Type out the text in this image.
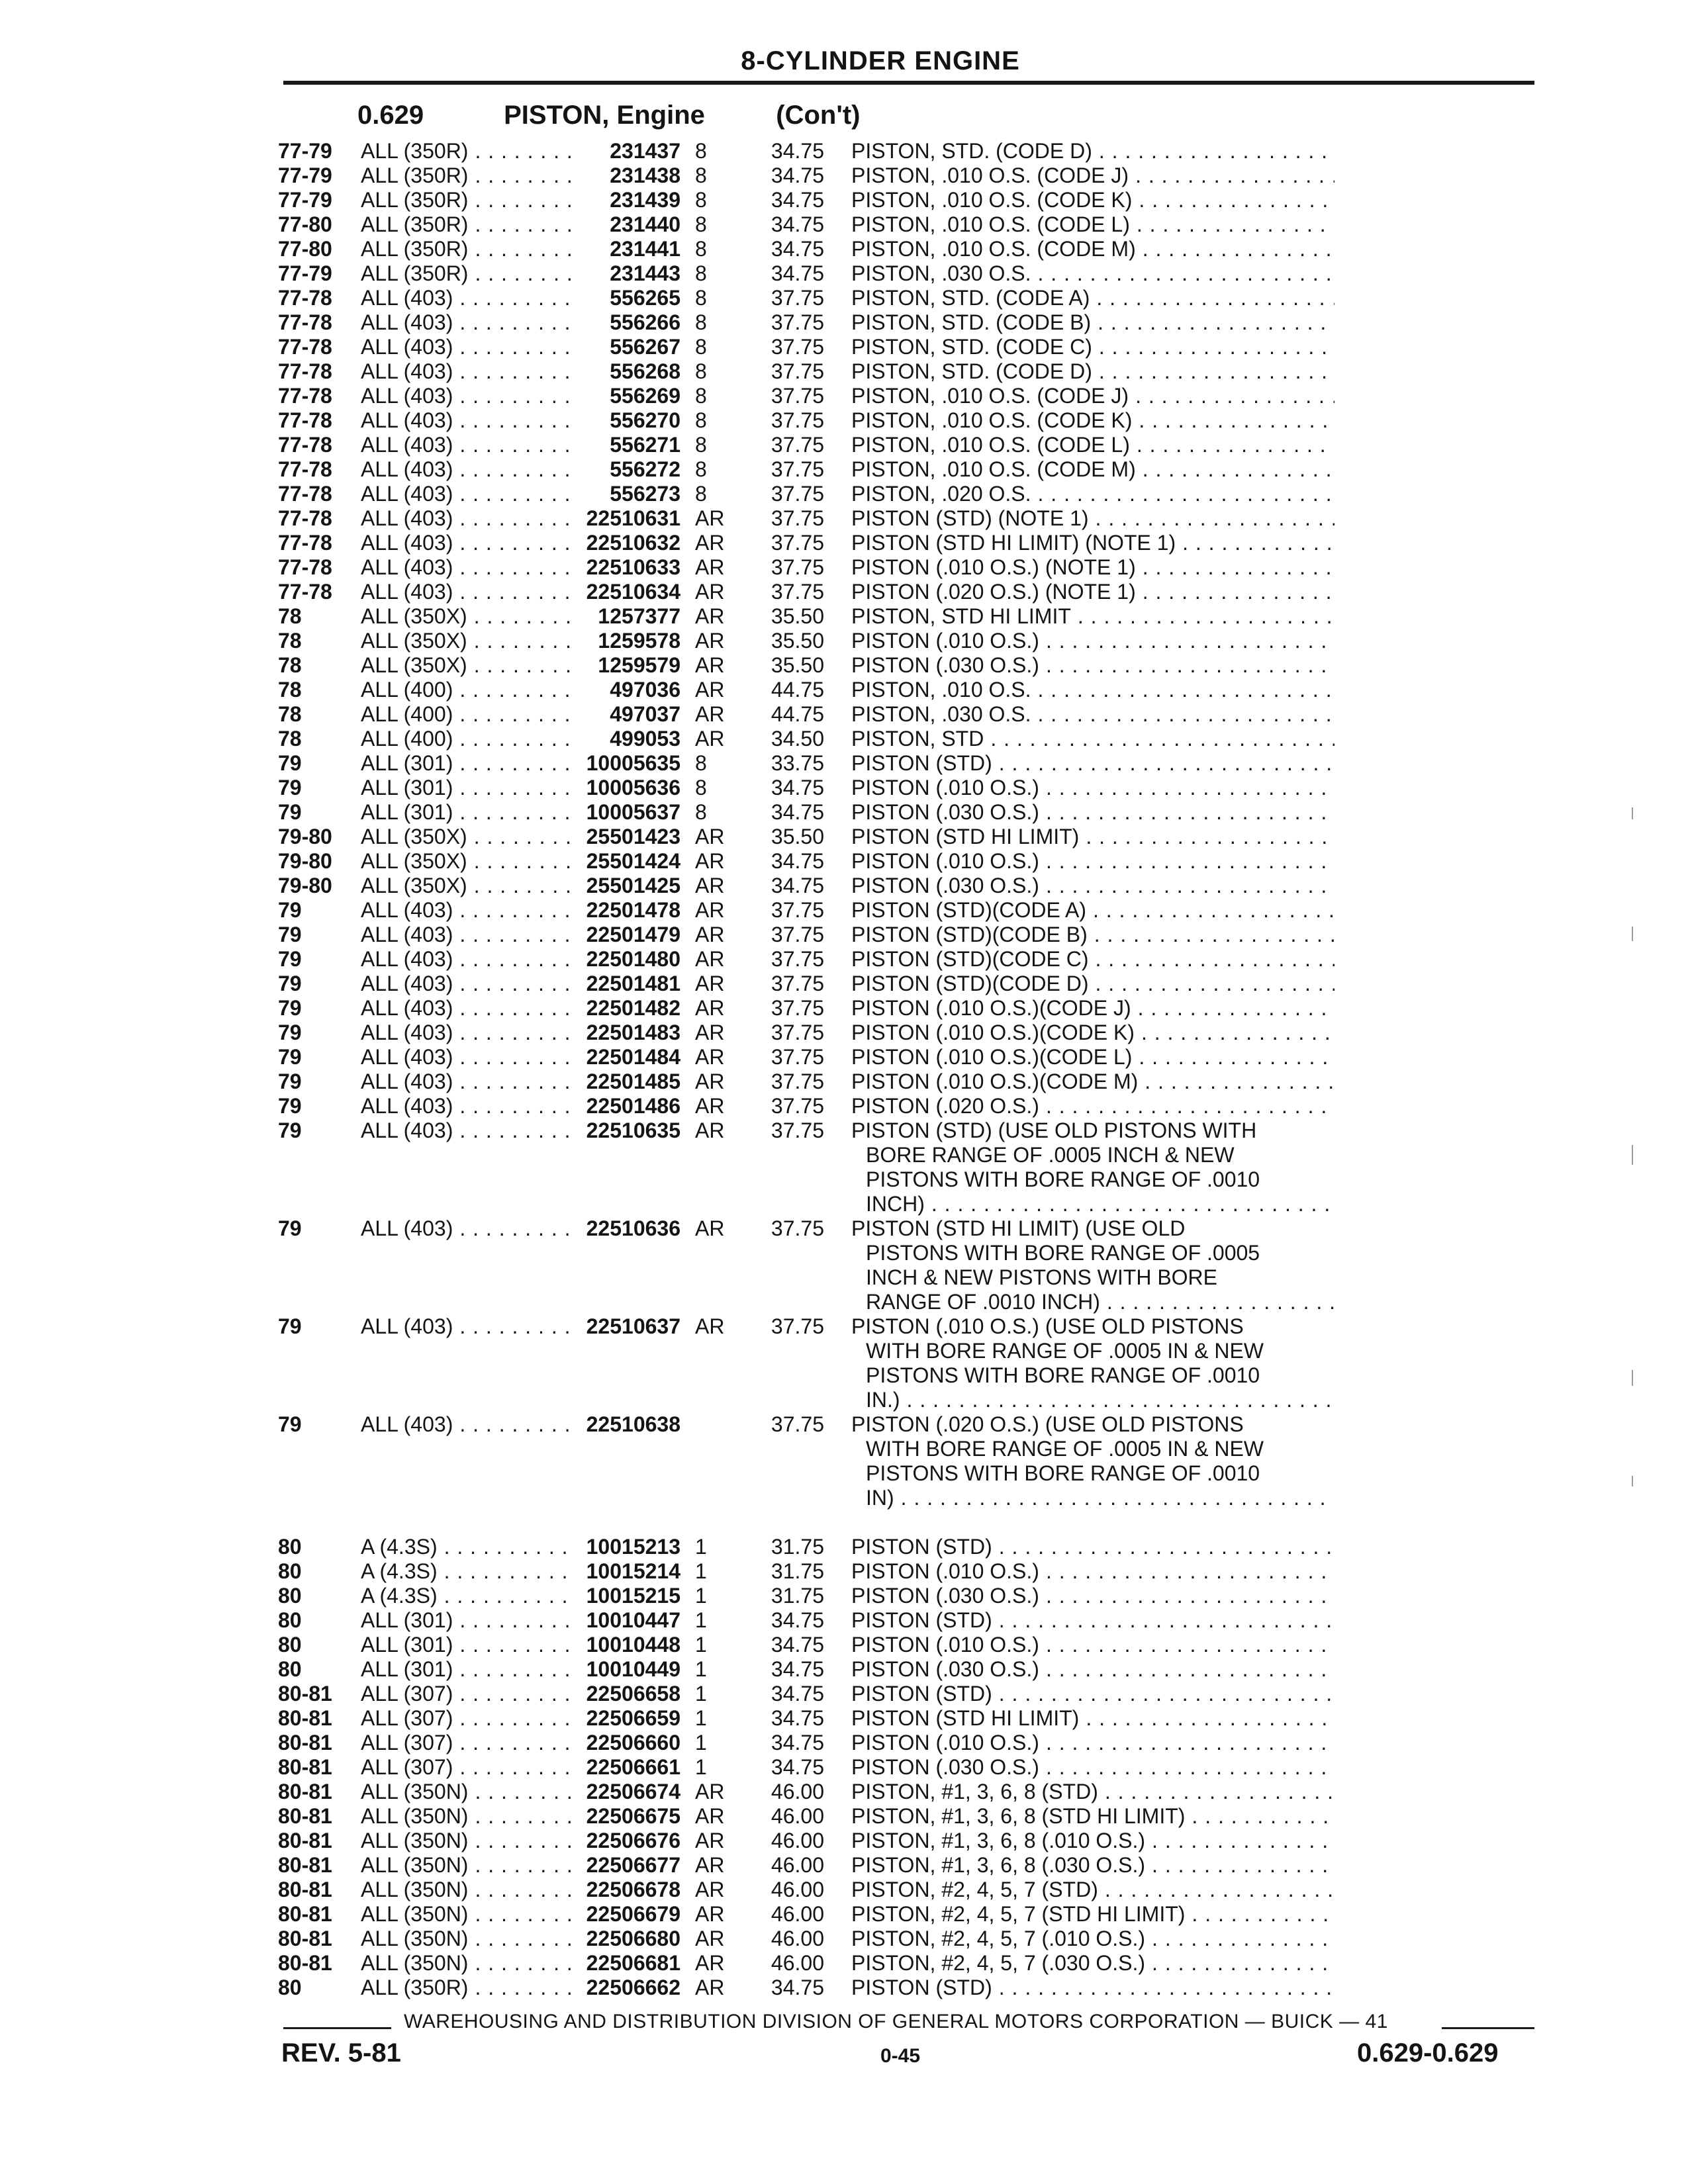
8-CYLINDER ENGINE
0.629	PISTON, Engine	(Con't)
77-79	ALL (350R) . . .	231437 8	34.75 PISTON, STD. (CODE D)
. . .
77-79	ALL (350R) . . .	231438 8	34.75 PISTON, .010 O.S. (CODE J)
. . .
77-79	ALL (350R) . . .	231439 8	34.75 PISTON, .010 O.S. (CODE K)
. . .
77-80	ALL (350R) . . .	231440 8	34.75 PISTON, .010 O.S. (CODE L)
. . .
77-80	ALL (350R) . . .	231441 8	34.75 PISTON, .010 O.S. (CODE M)
. . .
77-79	ALL (350R) . . .	231443 8	34.75 PISTON, .030 O.S.
. . .
77-78	ALL (403) . . .	556265 8	37.75 PISTON, STD. (CODE A)
. . .
77-78	ALL (403) . . .	556266 8	37.75 PISTON, STD. (CODE B)
. . .
77-78	ALL (403) . . .	556267 8	37.75 PISTON, STD. (CODE C)
. . .
77-78	ALL (403) . . .	556268 8	37.75 PISTON, STD. (CODE D)
. . .
77-78	ALL (403) . . .	556269 8	37.75 PISTON, .010 O.S. (CODE J)
. . .
77-78	ALL (403) . . .	556270 8	37.75 PISTON, .010 O.S. (CODE K)
. . .
77-78	ALL (403) . . .	556271 8	37.75 PISTON, .010 O.S. (CODE L)
. . .
77-78	ALL (403) . . .	556272 8	37.75 PISTON, .010 O.S. (CODE M)
. . .
77-78	ALL (403) . . .	556273 8	37.75 PISTON, .020 O.S.
. . .
77-78	ALL (403) . . .	22510631 AR	37.75 PISTON (STD) (NOTE 1)
. . .
77-78	ALL (403) . . .	22510632 AR	37.75 PISTON (STD HI LIMIT) (NOTE 1)
. . .
77-78	ALL (403) . . .	22510633 AR	37.75 PISTON (.010 O.S.) (NOTE 1)
. . .
77-78	ALL (403) . . .	22510634 AR	37.75 PISTON (.020 O.S.) (NOTE 1)
. . .
78	ALL (350X) . . .	1257377 AR	35.50 PISTON, STD HI LIMIT
. . .
78	ALL (350X) . . .	1259578 AR	35.50 PISTON (.010 O.S.)
. . .
78	ALL (350X) . . .	1259579 AR	35.50 PISTON (.030 O.S.)
. . .
78	ALL (400) . . .	497036 AR	44.75 PISTON, .010 O.S.
. . .
78	ALL (400) . . .	497037 AR	44.75 PISTON, .030 O.S.
. . .
78	ALL (400) . . .	499053 AR	34.50 PISTON, STD
. . .
79	ALL (301) . . .	10005635 8	33.75 PISTON (STD)
. . .
79	ALL (301) . . .	10005636 8	34.75 PISTON (.010 O.S.)
. . .
79	ALL (301) . . .	10005637 8	34.75 PISTON (.030 O.S.)
. . .
79-80	ALL (350X) . . .	25501423 AR	35.50 PISTON (STD HI LIMIT)
. . .
79-80	ALL (350X) . . .	25501424 AR	34.75 PISTON (.010 O.S.)
. . .
79-80	ALL (350X) . . .	25501425 AR	34.75 PISTON (.030 O.S.)
. . .
79	ALL (403) . . .	22501478 AR	37.75 PISTON (STD)(CODE A)
. . .
79	ALL (403) . . .	22501479 AR	37.75 PISTON (STD)(CODE B)
. . .
79	ALL (403) . . .	22501480 AR	37.75 PISTON (STD)(CODE C)
. . .
79	ALL (403) . . .	22501481 AR	37.75 PISTON (STD)(CODE D)
. . .
79	ALL (403) . . .	22501482 AR	37.75 PISTON (.010 O.S.)(CODE J)
. . .
79	ALL (403) . . .	22501483 AR	37.75 PISTON (.010 O.S.)(CODE K)
. . .
79	ALL (403) . . .	22501484 AR	37.75 PISTON (.010 O.S.)(CODE L)
. . .
79	ALL (403) . . .	22501485 AR	37.75 PISTON (.010 O.S.)(CODE M)
. . .
79	ALL (403) . . .	22501486 AR	37.75 PISTON (.020 O.S.)
. . .
79	ALL (403) . . .	22510635 AR	37.75 PISTON (STD) (USE OLD PISTONS WITH
BORE RANGE OF .0005 INCH & NEW
PISTONS WITH BORE RANGE OF .0010
INCH)
. . .
79	ALL (403) . . .	22510636 AR	37.75 PISTON (STD HI LIMIT) (USE OLD
PISTONS WITH BORE RANGE OF .0005
INCH & NEW PISTONS WITH BORE
RANGE OF .0010 INCH)
. . .
79	ALL (403) . . .	22510637 AR	37.75 PISTON (.010 O.S.) (USE OLD PISTONS
WITH BORE RANGE OF .0005 IN & NEW
PISTONS WITH BORE RANGE OF .0010
IN.)
. . .
79	ALL (403) . . .	22510638	37.75 PISTON (.020 O.S.) (USE OLD PISTONS
WITH BORE RANGE OF .0005 IN & NEW
PISTONS WITH BORE RANGE OF .0010
IN)
. . .
80	A (4.3S) . . .	10015213 1	31.75 PISTON (STD)
. . .
80	A (4.3S) . . .	10015214 1	31.75 PISTON (.010 O.S.)
. . .
80	A (4.3S) . . .	10015215 1	31.75 PISTON (.030 O.S.)
. . .
80	ALL (301) . . .	10010447 1	34.75 PISTON (STD)
. . .
80	ALL (301) . . .	10010448 1	34.75 PISTON (.010 O.S.)
. . .
80	ALL (301) . . .	10010449 1	34.75 PISTON (.030 O.S.)
. . .
80-81	ALL (307) . . .	22506658 1	34.75 PISTON (STD)
. . .
80-81	ALL (307) . . .	22506659 1	34.75 PISTON (STD HI LIMIT)
. . .
80-81	ALL (307) . . .	22506660 1	34.75 PISTON (.010 O.S.)
. . .
80-81	ALL (307) . . .	22506661 1	34.75 PISTON (.030 O.S.)
. . .
80-81	ALL (350N) . . .	22506674 AR	46.00 PISTON, #1, 3, 6, 8 (STD)
. . .
80-81	ALL (350N) . . .	22506675 AR	46.00 PISTON, #1, 3, 6, 8 (STD HI LIMIT)
. . .
80-81	ALL (350N) . . .	22506676 AR	46.00 PISTON, #1, 3, 6, 8 (.010 O.S.)
. . .
80-81	ALL (350N) . . .	22506677 AR	46.00 PISTON, #1, 3, 6, 8 (.030 O.S.)
. . .
80-81	ALL (350N) . . .	22506678 AR	46.00 PISTON, #2, 4, 5, 7 (STD)
. . .
80-81	ALL (350N) . . .	22506679 AR	46.00 PISTON, #2, 4, 5, 7 (STD HI LIMIT)
. . .
80-81	ALL (350N) . . .	22506680 AR	46.00 PISTON, #2, 4, 5, 7 (.010 O.S.)
. . .
80-81	ALL (350N) . . .	22506681 AR	46.00 PISTON, #2, 4, 5, 7 (.030 O.S.)
. . .
80	ALL (350R) . . .	22506662 AR	34.75 PISTON (STD)
. . .
WAREHOUSING AND DISTRIBUTION DIVISION OF GENERAL MOTORS CORPORATION — BUICK — 41
REV. 5-81	0-45	0.629-0.629
